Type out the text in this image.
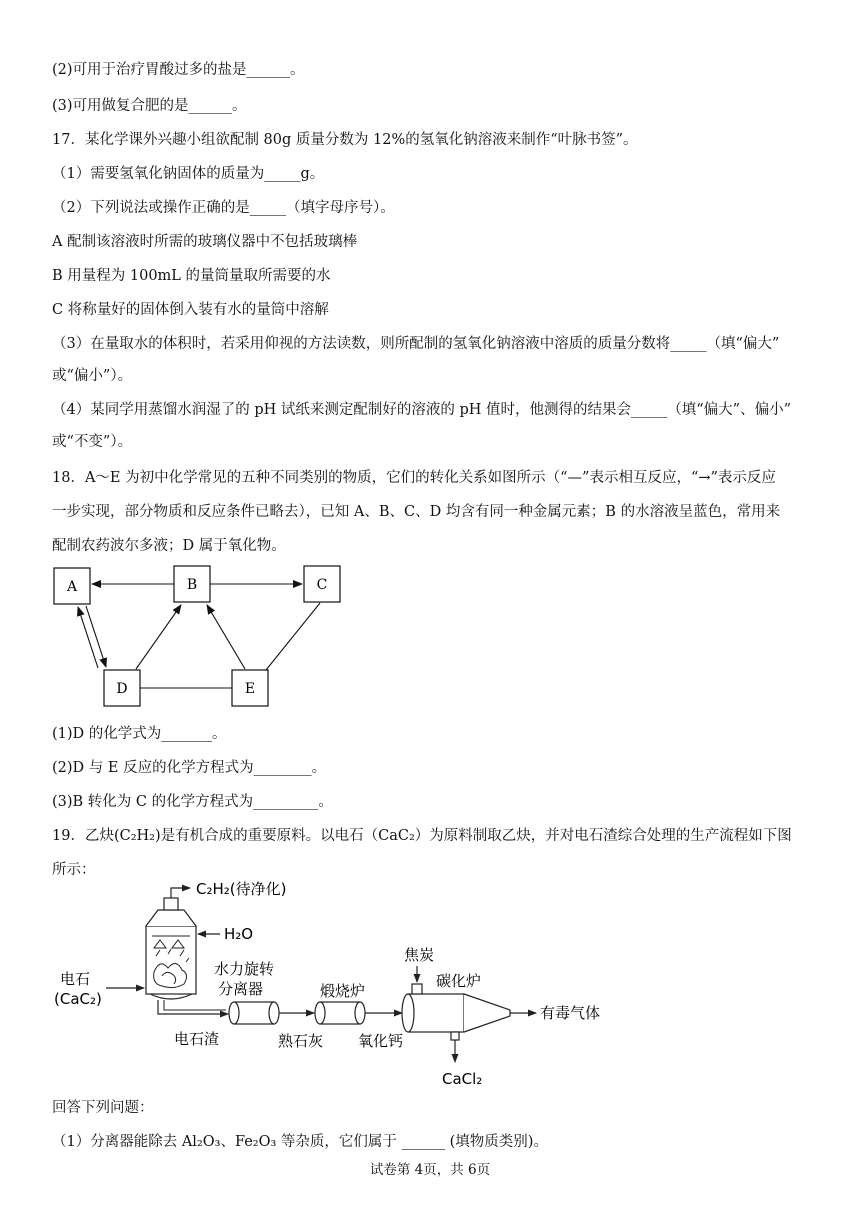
(2)可用于治疗胃酸过多的盐是______。
(3)可用做复合肥的是______。
17．某化学课外兴趣小组欲配制 80g 质量分数为 12%的氢氧化钠溶液来制作“叶脉书签”。
（1）需要氢氧化钠固体的质量为_____g。
（2）下列说法或操作正确的是_____（填字母序号）。
A 配制该溶液时所需的玻璃仪器中不包括玻璃棒
B 用量程为 100mL 的量筒量取所需要的水
C 将称量好的固体倒入装有水的量筒中溶解
（3）在量取水的体积时，若采用仰视的方法读数，则所配制的氢氧化钠溶液中溶质的质量分数将_____（填“偏大”
或“偏小”）。
（4）某同学用蒸馏水润湿了的 pH 试纸来测定配制好的溶液的 pH 值时，他测得的结果会_____（填“偏大”、偏小”
或“不变”）。
18．A～E 为初中化学常见的五种不同类别的物质，它们的转化关系如图所示（“—”表示相互反应，“→”表示反应
一步实现，部分物质和反应条件已略去），已知 A、B、C、D 均含有同一种金属元素；B 的水溶液呈蓝色，常用来
配制农药波尔多液；D 属于氧化物。
A	B	C
D	E
(1)D 的化学式为_______。
(2)D 与 E 反应的化学方程式为________。
(3)B 转化为 C 的化学方程式为_________。
19．乙炔(C₂H₂)是有机合成的重要原料。以电石（CaC₂）为原料制取乙炔，并对电石渣综合处理的生产流程如下图
所示：
C₂H₂(待净化)
H₂O
电石
(CaC₂)
水力旋转
分离器	煅烧炉
焦炭
碳化炉
有毒气体
CaCl₂
电石渣	熟石灰 氧化钙
回答下列问题：
（1）分离器能除去 Al₂O₃、Fe₂O₃ 等杂质，它们属于 ______ (填物质类别)。
试卷第 4页，共 6页
